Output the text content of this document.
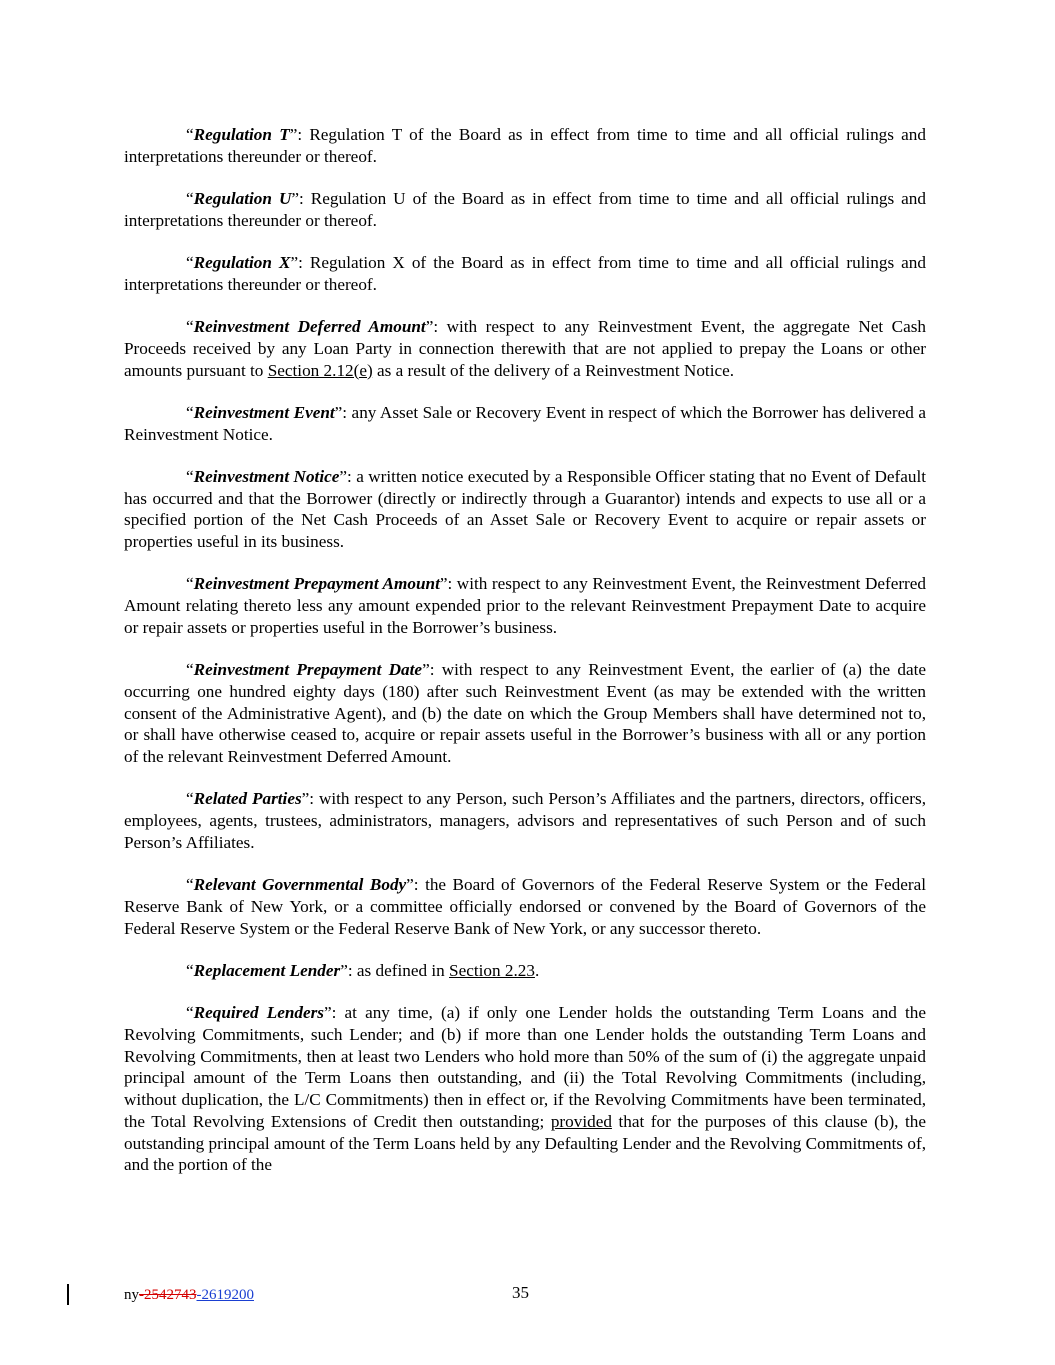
“Regulation T”: Regulation T of the Board as in effect from time to time and all official rulings and interpretations thereunder or thereof.

“Regulation U”: Regulation U of the Board as in effect from time to time and all official rulings and interpretations thereunder or thereof.

“Regulation X”: Regulation X of the Board as in effect from time to time and all official rulings and interpretations thereunder or thereof.

“Reinvestment Deferred Amount”: with respect to any Reinvestment Event, the aggregate Net Cash Proceeds received by any Loan Party in connection therewith that are not applied to prepay the Loans or other amounts pursuant to Section 2.12(e) as a result of the delivery of a Reinvestment Notice.

“Reinvestment Event”: any Asset Sale or Recovery Event in respect of which the Borrower has delivered a Reinvestment Notice.

“Reinvestment Notice”: a written notice executed by a Responsible Officer stating that no Event of Default has occurred and that the Borrower (directly or indirectly through a Guarantor) intends and expects to use all or a specified portion of the Net Cash Proceeds of an Asset Sale or Recovery Event to acquire or repair assets or properties useful in its business.

“Reinvestment Prepayment Amount”: with respect to any Reinvestment Event, the Reinvestment Deferred Amount relating thereto less any amount expended prior to the relevant Reinvestment Prepayment Date to acquire or repair assets or properties useful in the Borrower’s business.

“Reinvestment Prepayment Date”: with respect to any Reinvestment Event, the earlier of (a) the date occurring one hundred eighty days (180) after such Reinvestment Event (as may be extended with the written consent of the Administrative Agent), and (b) the date on which the Group Members shall have determined not to, or shall have otherwise ceased to, acquire or repair assets useful in the Borrower’s business with all or any portion of the relevant Reinvestment Deferred Amount.

“Related Parties”: with respect to any Person, such Person’s Affiliates and the partners, directors, officers, employees, agents, trustees, administrators, managers, advisors and representatives of such Person and of such Person’s Affiliates.

“Relevant Governmental Body”: the Board of Governors of the Federal Reserve System or the Federal Reserve Bank of New York, or a committee officially endorsed or convened by the Board of Governors of the Federal Reserve System or the Federal Reserve Bank of New York, or any successor thereto.

“Replacement Lender”: as defined in Section 2.23.

“Required Lenders”: at any time, (a) if only one Lender holds the outstanding Term Loans and the Revolving Commitments, such Lender; and (b) if more than one Lender holds the outstanding Term Loans and Revolving Commitments, then at least two Lenders who hold more than 50% of the sum of (i) the aggregate unpaid principal amount of the Term Loans then outstanding, and (ii) the Total Revolving Commitments (including, without duplication, the L/C Commitments) then in effect or, if the Revolving Commitments have been terminated, the Total Revolving Extensions of Credit then outstanding; provided that for the purposes of this clause (b), the outstanding principal amount of the Term Loans held by any Defaulting Lender and the Revolving Commitments of, and the portion of the

ny-2542743-2619200	35
